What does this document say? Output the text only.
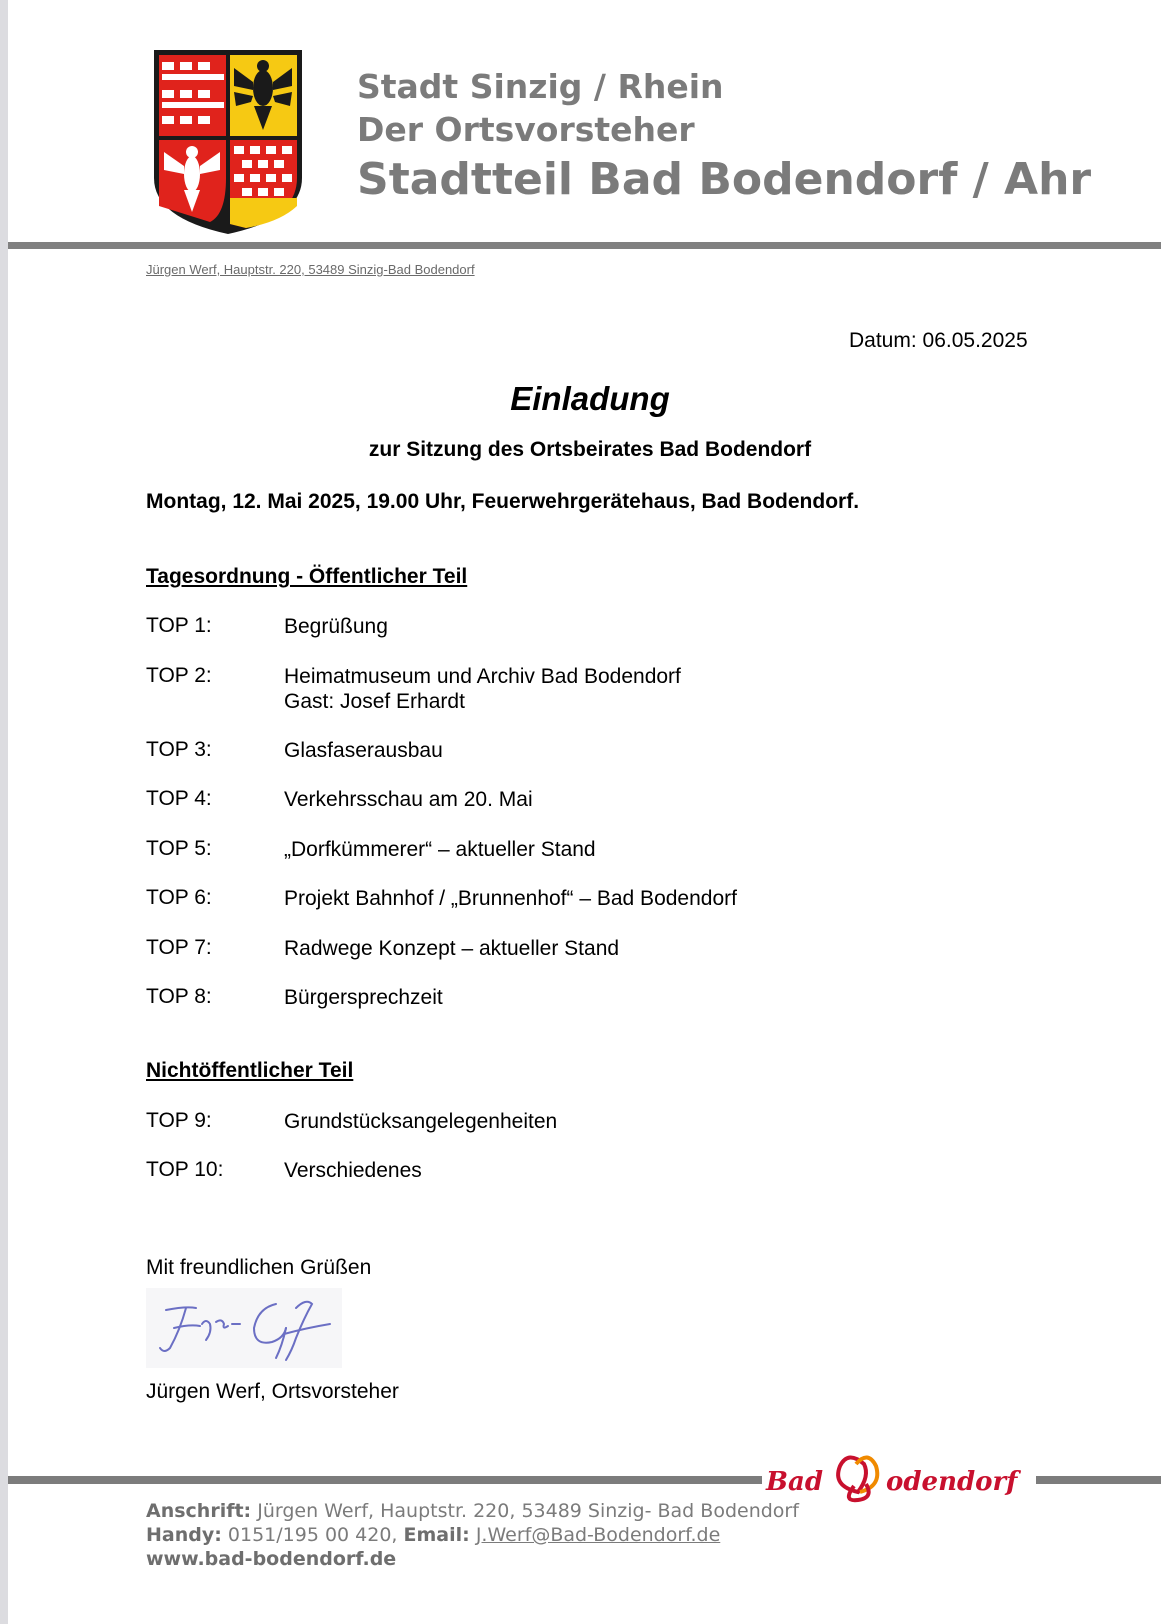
Stadt Sinzig / Rhein
Der Ortsvorsteher
Stadtteil Bad Bodendorf / Ahr
Jürgen Werf, Hauptstr. 220, 53489 Sinzig-Bad Bodendorf
Datum: 06.05.2025
Einladung
zur Sitzung des Ortsbeirates Bad Bodendorf
Montag, 12. Mai 2025, 19.00 Uhr, Feuerwehrgerätehaus, Bad Bodendorf.
Tagesordnung - Öffentlicher Teil
TOP 1:	Begrüßung
TOP 2:	Heimatmuseum und Archiv Bad Bodendorf
Gast: Josef Erhardt
TOP 3:	Glasfaserausbau
TOP 4:	Verkehrsschau am 20. Mai
TOP 5:	„Dorfkümmerer“ – aktueller Stand
TOP 6:	Projekt Bahnhof / „Brunnenhof“ – Bad Bodendorf
TOP 7:	Radwege Konzept – aktueller Stand
TOP 8:	Bürgersprechzeit
Nichtöffentlicher Teil
TOP 9:	Grundstücksangelegenheiten
TOP 10:	Verschiedenes
Mit freundlichen Grüßen
Jürgen Werf, Ortsvorsteher
Bad odendorf
Anschrift: Jürgen Werf, Hauptstr. 220, 53489 Sinzig- Bad Bodendorf
Handy: 0151/195 00 420, Email: J.Werf@Bad-Bodendorf.de
www.bad-bodendorf.de
